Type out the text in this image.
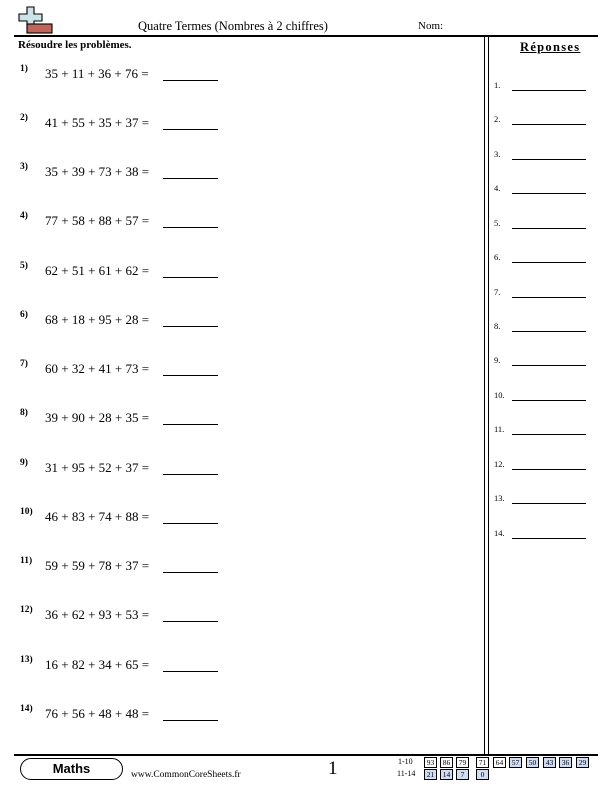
Quatre Termes (Nombres à 2 chiffres)	Nom:
Résoudre les problèmes.
1) 35 + 11 + 36 + 76 =
2) 41 + 55 + 35 + 37 =
3) 35 + 39 + 73 + 38 =
4) 77 + 58 + 88 + 57 =
5) 62 + 51 + 61 + 62 =
6) 68 + 18 + 95 + 28 =
7) 60 + 32 + 41 + 73 =
8) 39 + 90 + 28 + 35 =
9) 31 + 95 + 52 + 37 =
10) 46 + 83 + 74 + 88 =
11) 59 + 59 + 78 + 37 =
12) 36 + 62 + 93 + 53 =
13) 16 + 82 + 34 + 65 =
14) 76 + 56 + 48 + 48 =
Réponses
1.
2.
3.
4.
5.
6.
7.
8.
9.
10.
11.
12.
13.
14.
Maths	www.CommonCoreSheets.fr	1	1-10
11-14
93	86	79	71	64	57	50	43	36	29
21	14	7	0
